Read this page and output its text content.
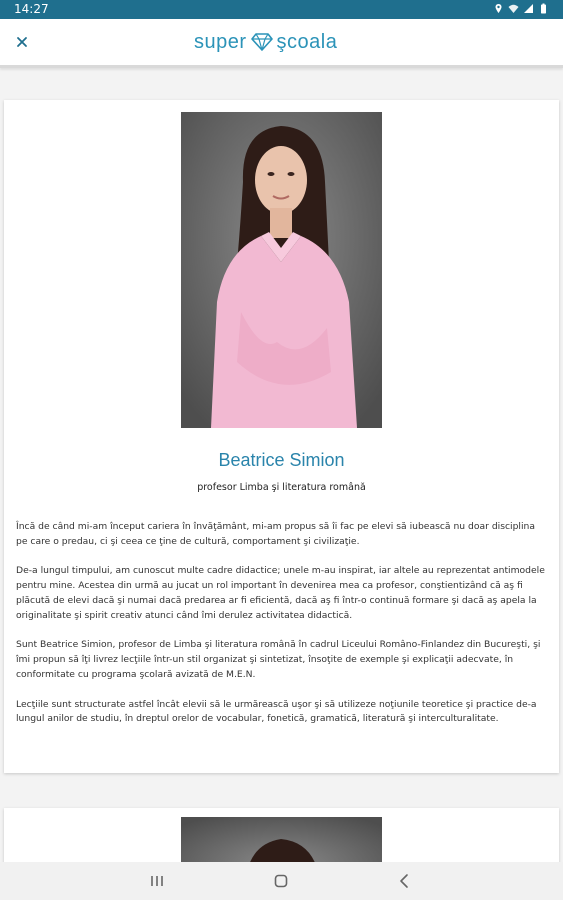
14:27
super şcoala
Beatrice Simion
profesor Limba şi literatura română

Încă de când mi-am început cariera în învăţământ, mi-am propus să îi fac pe elevi să iubească nu doar disciplina pe care o predau, ci şi ceea ce ţine de cultură, comportament şi civilizaţie.

De-a lungul timpului, am cunoscut multe cadre didactice; unele m-au inspirat, iar altele au reprezentat antimodele pentru mine. Acestea din urmă au jucat un rol important în devenirea mea ca profesor, conştientizând că aş fi plăcută de elevi dacă şi numai dacă predarea ar fi eficientă, dacă aş fi într-o continuă formare şi dacă aş apela la originalitate şi spirit creativ atunci când îmi derulez activitatea didactică.

Sunt Beatrice Simion, profesor de Limba şi literatura română în cadrul Liceului Româno-Finlandez din Bucureşti, şi îmi propun să îţi livrez lecţiile într-un stil organizat şi sintetizat, însoţite de exemple şi explicaţii adecvate, în conformitate cu programa şcolară avizată de M.E.N.

Lecţiile sunt structurate astfel încât elevii să le urmărească uşor şi să utilizeze noţiunile teoretice şi practice de-a lungul anilor de studiu, în dreptul orelor de vocabular, fonetică, gramatică, literatură şi interculturalitate.
